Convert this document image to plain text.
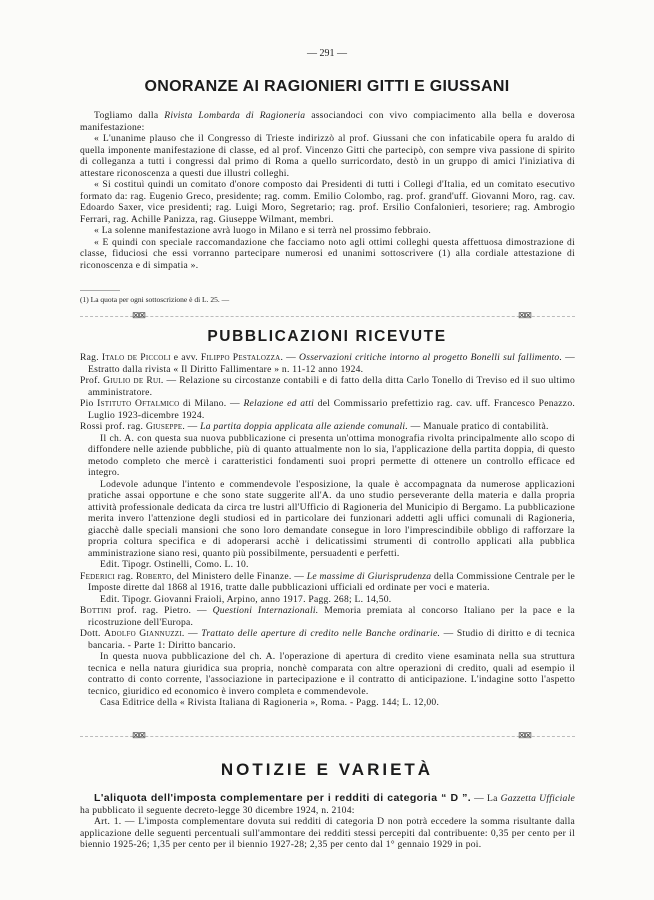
— 291 —
ONORANZE AI RAGIONIERI GITTI E GIUSSANI

Togliamo dalla Rivista Lombarda di Ragioneria associandoci con vivo compiacimento alla bella e doverosa manifestazione:

« L'unanime plauso che il Congresso di Trieste indirizzò al prof. Giussani che con infaticabile opera fu araldo di quella imponente manifestazione di classe, ed al prof. Vincenzo Gitti che partecipò, con sempre viva passione di spirito di colleganza a tutti i congressi dal primo di Roma a quello surricordato, destò in un gruppo di amici l'iniziativa di attestare riconoscenza a questi due illustri colleghi.

« Si costituì quindi un comitato d'onore composto dai Presidenti di tutti i Collegi d'Italia, ed un comitato esecutivo formato da: rag. Eugenio Greco, presidente; rag. comm. Emilio Colombo, rag. prof. grand'uff. Giovanni Moro, rag. cav. Edoardo Saxer, vice presidenti; rag. Luigi Moro, Segretario; rag. prof. Ersilio Confalonieri, tesoriere; rag. Ambrogio Ferrari, rag. Achille Panizza, rag. Giuseppe Wilmant, membri.

« La solenne manifestazione avrà luogo in Milano e si terrà nel prossimo febbraio.

« E quindi con speciale raccomandazione che facciamo noto agli ottimi colleghi questa affettuosa dimostrazione di classe, fiduciosi che essi vorranno partecipare numerosi ed unanimi sottoscrivere (1) alla cordiale attestazione di riconoscenza e di simpatia ».

(1) La quota per ogni sottoscrizione è di L. 25. —
⊠⊠	⊠⊠
PUBBLICAZIONI RICEVUTE

Rag. Italo de Piccoli e avv. Filippo Pestalozza. — Osservazioni critiche intorno al progetto Bonelli sul fallimento. — Estratto dalla rivista « Il Diritto Fallimentare » n. 11-12 anno 1924.

Prof. Giulio de Rui. — Relazione su circostanze contabili e di fatto della ditta Carlo Tonello di Treviso ed il suo ultimo amministratore.

Pio Istituto Oftalmico di Milano. — Relazione ed atti del Commissario prefettizio rag. cav. uff. Francesco Penazzo. Luglio 1923-dicembre 1924.

Rossi prof. rag. Giuseppe. — La partita doppia applicata alle aziende comunali. — Manuale pratico di contabilità.

Il ch. A. con questa sua nuova pubblicazione ci presenta un'ottima monografia rivolta principalmente allo scopo di diffondere nelle aziende pubbliche, più di quanto attualmente non lo sia, l'applicazione della partita doppia, di questo metodo completo che mercè i caratteristici fondamenti suoi propri permette di ottenere un controllo efficace ed integro.

Lodevole adunque l'intento e commendevole l'esposizione, la quale è accompagnata da numerose applicazioni pratiche assai opportune e che sono state suggerite all'A. da uno studio perseverante della materia e dalla propria attività professionale dedicata da circa tre lustri all'Ufficio di Ragioneria del Municipio di Bergamo. La pubblicazione merita invero l'attenzione degli studiosi ed in particolare dei funzionari addetti agli uffici comunali di Ragioneria, giacchè dalle speciali mansioni che sono loro demandate consegue in loro l'imprescindibile obbligo di rafforzare la propria coltura specifica e di adoperarsi acchè i delicatissimi strumenti di controllo applicati alla pubblica amministrazione siano resi, quanto più possibilmente, persuadenti e perfetti.

Edit. Tipogr. Ostinelli, Como. L. 10.

Federici rag. Roberto, del Ministero delle Finanze. — Le massime di Giurisprudenza della Commissione Centrale per le Imposte dirette dal 1868 al 1916, tratte dalle pubblicazioni ufficiali ed ordinate per voci e materia.

Edit. Tipogr. Giovanni Fraioli, Arpino, anno 1917. Pagg. 268; L. 14,50.

Bottini prof. rag. Pietro. — Questioni Internazionali. Memoria premiata al concorso Italiano per la pace e la ricostruzione dell'Europa.

Dott. Adolfo Giannuzzi. — Trattato delle aperture di credito nelle Banche ordinarie. — Studio di diritto e di tecnica bancaria. - Parte 1: Diritto bancario.

In questa nuova pubblicazione del ch. A. l'operazione di apertura di credito viene esaminata nella sua struttura tecnica e nella natura giuridica sua propria, nonchè comparata con altre operazioni di credito, quali ad esempio il contratto di conto corrente, l'associazione in partecipazione e il contratto di anticipazione. L'indagine sotto l'aspetto tecnico, giuridico ed economico è invero completa e commendevole.

Casa Editrice della « Rivista Italiana di Ragioneria », Roma. - Pagg. 144; L. 12,00.

⊠⊠	⊠⊠
NOTIZIE E VARIETÀ

L'aliquota dell'imposta complementare per i redditi di categoria “ D ”. — La Gazzetta Ufficiale ha pubblicato il seguente decreto-legge 30 dicembre 1924, n. 2104:

Art. 1. — L'imposta complementare dovuta sui redditi di categoria D non potrà eccedere la somma risultante dalla applicazione delle seguenti percentuali sull'ammontare dei redditi stessi percepiti dal contribuente: 0,35 per cento per il biennio 1925-26; 1,35 per cento per il biennio 1927-28; 2,35 per cento dal 1° gennaio 1929 in poi.
